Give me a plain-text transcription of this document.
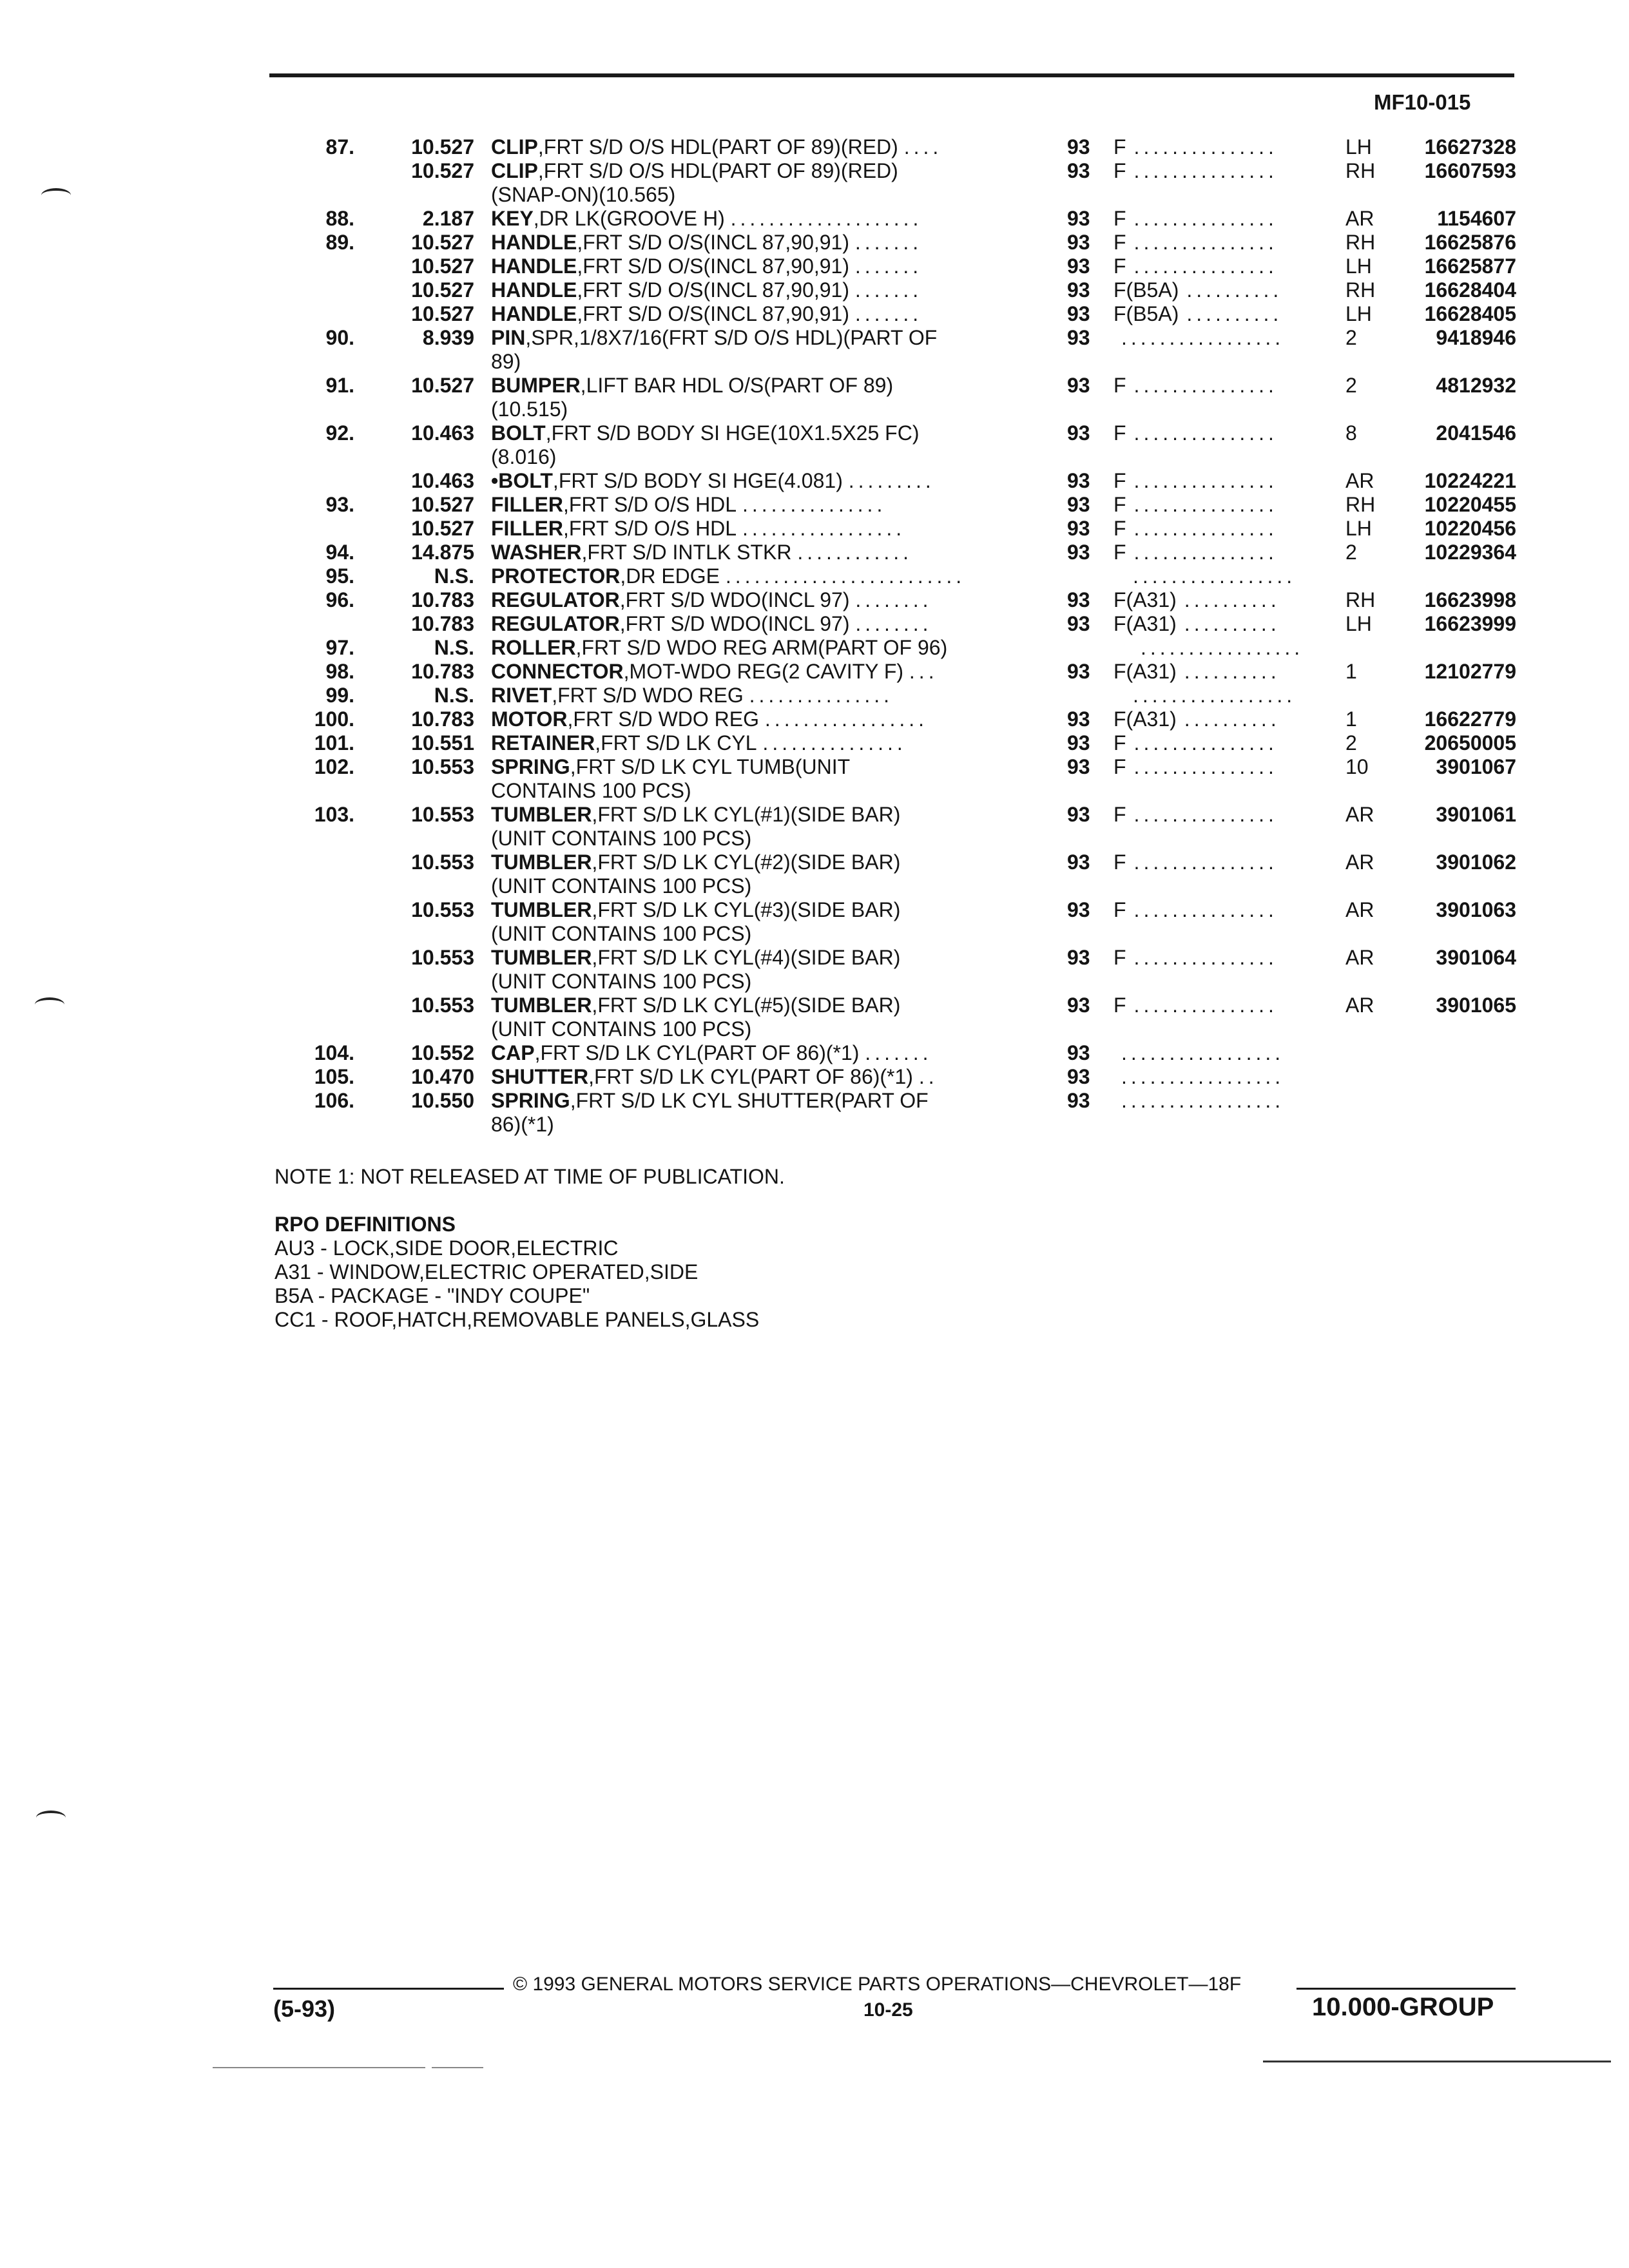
MF10-015
87.	10.527 CLIP,FRT S/D O/S HDL(PART OF 89)(RED) ....	93 F ...............	LH	16627328
10.527 CLIP,FRT S/D O/S HDL(PART OF 89)(RED)
(SNAP-ON)(10.565)
93 F ...............	RH 16607593
88.	2.187 KEY,DR LK(GROOVE H) ....................	93 F ...............	AR	1154607
89.	10.527 HANDLE,FRT S/D O/S(INCL 87,90,91) .......	93 F ...............	RH 16625876
10.527 HANDLE,FRT S/D O/S(INCL 87,90,91) .......	93 F ...............	LH	16625877
10.527 HANDLE,FRT S/D O/S(INCL 87,90,91) .......	93 F(B5A) ..........	RH 16628404
10.527 HANDLE,FRT S/D O/S(INCL 87,90,91) .......	93 F(B5A) ..........	LH	16628405
90.	8.939 PIN,SPR,1/8X7/16(FRT S/D O/S HDL)(PART OF
89)
93	.................	2	9418946
91.	10.527 BUMPER,LIFT BAR HDL O/S(PART OF 89)
(10.515)
93 F ...............	2	4812932
92.	10.463 BOLT,FRT S/D BODY SI HGE(10X1.5X25 FC)
(8.016)
93 F ...............	8	2041546
10.463 •BOLT,FRT S/D BODY SI HGE(4.081) .........	93 F ...............	AR 10224221
93.	10.527 FILLER,FRT S/D O/S HDL ...............	93 F ...............	RH 10220455
10.527 FILLER,FRT S/D O/S HDL .................	93 F ...............	LH	10220456
94.	14.875 WASHER,FRT S/D INTLK STKR ............	93 F ...............	2	10229364
95.	N.S. PROTECTOR,DR EDGE .........................	.................
96.	10.783 REGULATOR,FRT S/D WDO(INCL 97) ........	93 F(A31) ..........	RH 16623998
10.783 REGULATOR,FRT S/D WDO(INCL 97) ........	93 F(A31) ..........	LH	16623999
97.	N.S. ROLLER,FRT S/D WDO REG ARM(PART OF 96)	.................
98.	10.783 CONNECTOR,MOT-WDO REG(2 CAVITY F) ...	93 F(A31) ..........	1	12102779
99.	N.S. RIVET,FRT S/D WDO REG ...............	.................
100.	10.783 MOTOR,FRT S/D WDO REG .................	93 F(A31) ..........	1	16622779
101.	10.551 RETAINER,FRT S/D LK CYL ...............	93 F ...............	2	20650005
102.	10.553 SPRING,FRT S/D LK CYL TUMB(UNIT
CONTAINS 100 PCS)
93 F ...............	10	3901067
103.	10.553 TUMBLER,FRT S/D LK CYL(#1)(SIDE BAR)
(UNIT CONTAINS 100 PCS)
93 F ...............	AR	3901061
10.553 TUMBLER,FRT S/D LK CYL(#2)(SIDE BAR)
(UNIT CONTAINS 100 PCS)
93 F ...............	AR	3901062
10.553 TUMBLER,FRT S/D LK CYL(#3)(SIDE BAR)
(UNIT CONTAINS 100 PCS)
93 F ...............	AR	3901063
10.553 TUMBLER,FRT S/D LK CYL(#4)(SIDE BAR)
(UNIT CONTAINS 100 PCS)
93 F ...............	AR	3901064
10.553 TUMBLER,FRT S/D LK CYL(#5)(SIDE BAR)
(UNIT CONTAINS 100 PCS)
93 F ...............	AR	3901065
104.	10.552 CAP,FRT S/D LK CYL(PART OF 86)(*1) .......	93	.................
105.	10.470 SHUTTER,FRT S/D LK CYL(PART OF 86)(*1) ..	93	.................
106.	10.550 SPRING,FRT S/D LK CYL SHUTTER(PART OF
86)(*1)
93	.................
NOTE 1: NOT RELEASED AT TIME OF PUBLICATION.
RPO DEFINITIONS
AU3 - LOCK,SIDE DOOR,ELECTRIC
A31 - WINDOW,ELECTRIC OPERATED,SIDE
B5A - PACKAGE - "INDY COUPE"
CC1 - ROOF,HATCH,REMOVABLE PANELS,GLASS
© 1993 GENERAL MOTORS SERVICE PARTS OPERATIONS—CHEVROLET—18F
(5-93)	10-25	10.000-GROUP
